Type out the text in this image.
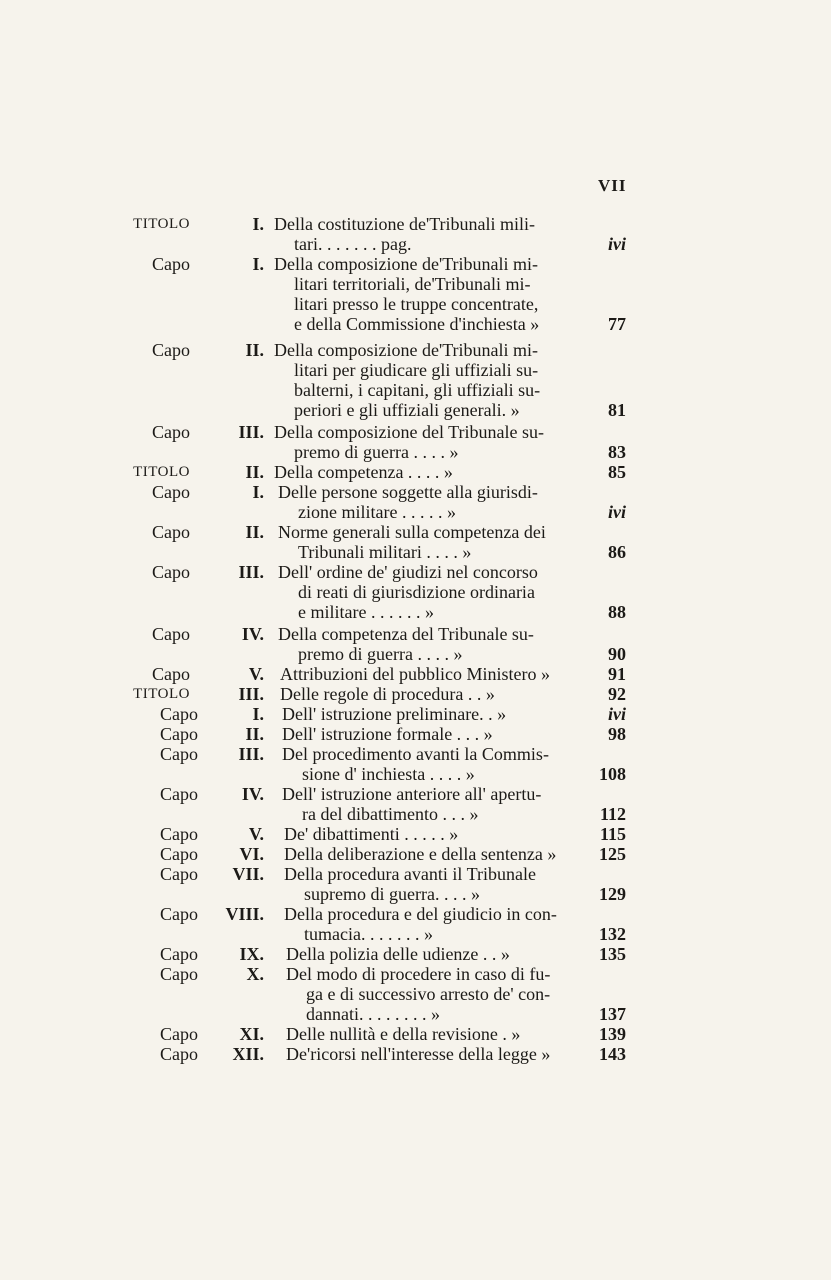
VII
TITOLO	I. Della costituzione de'Tribunali mili-
tari. . . . . . . pag.	ivi
Capo	I. Della composizione de'Tribunali mi-
litari territoriali, de'Tribunali mi-
litari presso le truppe concentrate,
e della Commissione d'inchiesta »	77
Capo	II. Della composizione de'Tribunali mi-
litari per giudicare gli uffiziali su-
balterni, i capitani, gli uffiziali su-
periori e gli uffiziali generali. »	81
Capo	III. Della composizione del Tribunale su-
premo di guerra . . . . »	83
TITOLO	II. Della competenza . . . . »	85
Capo	I. Delle persone soggette alla giurisdi-
zione militare . . . . . »	ivi
Capo	II. Norme generali sulla competenza dei
Tribunali militari . . . . »	86
Capo	III. Dell' ordine de' giudizi nel concorso
di reati di giurisdizione ordinaria
e militare . . . . . . »	88
Capo	IV. Della competenza del Tribunale su-
premo di guerra . . . . »	90
Capo	V. Attribuzioni del pubblico Ministero »	91
TITOLO	III. Delle regole di procedura . . »	92
Capo	I. Dell' istruzione preliminare. . »	ivi
Capo	II. Dell' istruzione formale . . . »	98
Capo	III. Del procedimento avanti la Commis-
sione d' inchiesta . . . . »	108
Capo	IV. Dell' istruzione anteriore all' apertu-
ra del dibattimento . . . »	112
Capo	V. De' dibattimenti . . . . . »	115
Capo	VI. Della deliberazione e della sentenza »	125
Capo	VII. Della procedura avanti il Tribunale
supremo di guerra. . . . »	129
Capo	VIII. Della procedura e del giudicio in con-
tumacia. . . . . . . »	132
Capo	IX. Della polizia delle udienze . . »	135
Capo	X. Del modo di procedere in caso di fu-
ga e di successivo arresto de' con-
dannati. . . . . . . . »	137
Capo	XI. Delle nullità e della revisione . »	139
Capo	XII. De'ricorsi nell'interesse della legge »	143
